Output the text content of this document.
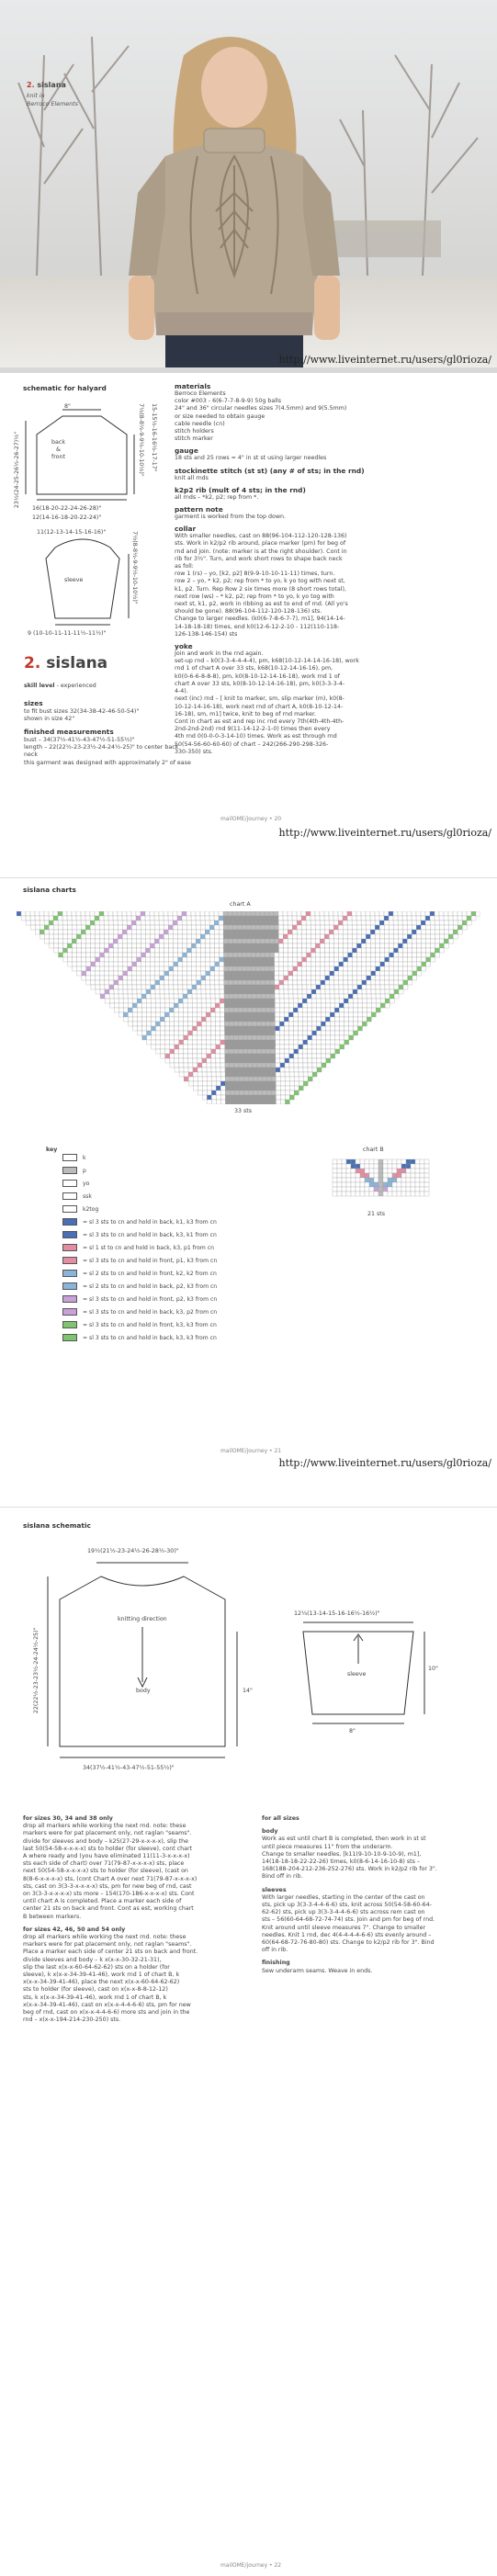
2. sislana
knit in
Berroco Elements
http://www.liveinternet.ru/users/gl0rioza/
schematic for halyard
8"
back
&
front
23½(24-25-26½-26-27)½"	7½(8-8½-9-9½-10-10½)" 15-15½-16-16½-17-17"
16(18-20-22-24-26-28)"
12(14-16-18-20-22-24)"
11(12-13-14-15-16-16)"
sleeve	7½(8-8½-9-9½-10-10½)"
9 (10-10-11-11-11½-11½)"
2. sislana
skill level - experienced
sizes
to fit bust sizes 32(34-38-42-46-50-54)"
shown in size 42"
finished measurements
bust – 34(37½-41½-43-47½-51-55½)"
length – 22(22½-23-23½-24-24½-25)" to center back
neck
this garment was designed with approximately 2" of ease
materials
Berroco Elements
color #003 - 6(6-7-7-8-9-9) 50g balls
24" and 36" circular needles sizes 7(4.5mm) and 9(5.5mm)
or size needed to obtain gauge
cable needle (cn)
stitch holders
stitch marker
gauge
18 sts and 25 rows = 4" in st st using larger needles
stockinette stitch (st st) (any # of sts; in the rnd)
knit all rnds
k2p2 rib (mult of 4 sts; in the rnd)
all rnds – *k2, p2; rep from *.
pattern note
garment is worked from the top down.
collar
With smaller needles, cast on 88(96-104-112-120-128-136)
sts. Work in k2/p2 rib around, place marker (pm) for beg of
rnd and join. (note: marker is at the right shoulder). Cont in
rib for 3½". Turn, and work short rows to shape back neck
as foll:
row 1 (rs) – yo, [k2, p2] 8(9-9-10-10-11-11) times, turn.
row 2 – yo, * k2, p2; rep from * to yo, k yo tog with next st,
k1, p2. Turn. Rep Row 2 six times more (8 short rows total),
next row (ws) – * k2, p2; rep from * to yo, k yo tog with
next st, k1, p2, work in ribbing as est to end of rnd. (All yo's
should be gone). 88(96-104-112-120-128-136) sts.
Change to larger needles. (k0(6-7-8-6-7-7), m1], 94(14-14-
14-18-18-18) times, end k0(12-6-12-2-10 - 112(110-118-
126-138-146-154) sts
yoke
Join and work in the rnd again.
set-up rnd – k0(3-3-4-4-4-4), pm, k68(10-12-14-14-16-18), work
rnd 1 of chart A over 33 sts, k68(10-12-14-16-16), pm,
k0(0-6-6-8-8-8), pm, k0(8-10-12-14-16-18), work rnd 1 of
chart A over 33 sts, k0(8-10-12-14-16-18), pm, k0(3-3-3-4-
4-4).
next (inc) rnd – [ knit to marker, sm, slip marker (m), k0(8-
10-12-14-16-18), work next rnd of chart A, k0(8-10-12-14-
16-18), sm, m1] twice, knit to beg of rnd marker.
Cont in chart as est and rep inc rnd every 7th(4th-4th-4th-
2nd-2nd-2nd) rnd 9(11-14-12-2-1-0) times then every
4th rnd 0(0-0-0-3-14-10) times. Work as est through rnd
50(54-56-60-60-60) of chart – 242(266-290-298-326-
330-350) sts.
mailOME/journey • 20
http://www.liveinternet.ru/users/gl0rioza/
sislana charts
chart A
33 sts
key
k
p
yo
ssk
k2tog
= sl 3 sts to cn and hold in back, k1, k3 from cn
= sl 3 sts to cn and hold in back, k3, k1 from cn
= sl 1 st to cn and hold in back, k3, p1 from cn
= sl 3 sts to cn and hold in front, p1, k3 from cn
= sl 2 sts to cn and hold in front, k2, k2 from cn
= sl 2 sts to cn and hold in back, p2, k3 from cn
= sl 3 sts to cn and hold in front, p2, k3 from cn
= sl 3 sts to cn and hold in back, k3, p2 from cn
= sl 3 sts to cn and hold in front, k3, k3 from cn
= sl 3 sts to cn and hold in back, k3, k3 from cn
chart B
21 sts
mailOME/journey • 21
http://www.liveinternet.ru/users/gl0rioza/
sislana schematic
19½(21½-23-24½-26-28½-30)"
knitting direction
body
22(22½-23-23½-24-24½-25)"	14"
34(37½-41½-43-47½-51-55½)"
12¼(13-14-15-16-16½-16½)"
sleeve
10"
8"
for sizes 30, 34 and 38 only
drop all markers while working the next rnd. note: these
markers were for pat placement only, not raglan "seams".
divide for sleeves and body – k25(27-29-x-x-x-x), slip the
last 50(54-58-x-x-x-x) sts to holder (for sleeve), cont chart
A where ready and (you have eliminated 11(11-3-x-x-x-x)
sts each side of chart) over 71(79-87-x-x-x-x) sts, place
next 50(54-58-x-x-x-x) sts to holder (for sleeve), (cast on
8(8-6-x-x-x-x) sts, (cont Chart A over next 71(79-87-x-x-x-x)
sts, cast on 3(3-3-x-x-x-x) sts, pm for new beg of rnd, cast
on 3(3-3-x-x-x-x) sts more – 154(170-186-x-x-x-x) sts. Cont
until chart A is completed. Place a marker each side of
center 21 sts on back and front. Cont as est, working chart
B between markers.
for sizes 42, 46, 50 and 54 only
drop all markers while working the next rnd. note: these
markers were for pat placement only, not raglan "seams".
Place a marker each side of center 21 sts on back and front.
divide sleeves and body – k x(x-x-30-32-21-31),
slip the last x(x-x-60-64-62-62) sts on a holder (for
sleeve), k x(x-x-34-39-41-46), work rnd 1 of chart B, k
x(x-x-34-39-41-46), place the next x(x-x-60-64-62-62)
sts to holder (for sleeve), cast on x(x-x-8-8-12-12)
sts, k x(x-x-34-39-41-46), work rnd 1 of chart B, k
x(x-x-34-39-41-46), cast on x(x-x-4-4-6-6) sts, pm for new
beg of rnd, cast on x(x-x-4-4-6-6) more sts and join in the
rnd – x(x-x-194-214-230-250) sts.
for all sizes
body
Work as est until chart B is completed, then work in st st
until piece measures 11" from the underarm.
Change to smaller needles, [k11(9-10-10-9-10-9), m1],
14(18-18-18-22-22-26) times, k0(8-6-14-16-10-8) sts –
168(188-204-212-236-252-276) sts. Work in k2/p2 rib for 3".
Bind off in rib.
sleeves
With larger needles, starting in the center of the cast on
sts, pick up 3(3-3-4-4-6-6) sts, knit across 50(54-58-60-64-
62-62) sts, pick up 3(3-3-4-4-6-6) sts across rem cast on
sts – 56(60-64-68-72-74-74) sts. Join and pm for beg of rnd.
Knit around until sleeve measures 7". Change to smaller
needles. Knit 1 rnd, dec 4(4-4-4-4-6-6) sts evenly around –
60(64-68-72-76-80-80) sts. Change to k2/p2 rib for 3". Bind
off in rib.
finishing
Sew underarm seams. Weave in ends.
mailOME/journey • 22
